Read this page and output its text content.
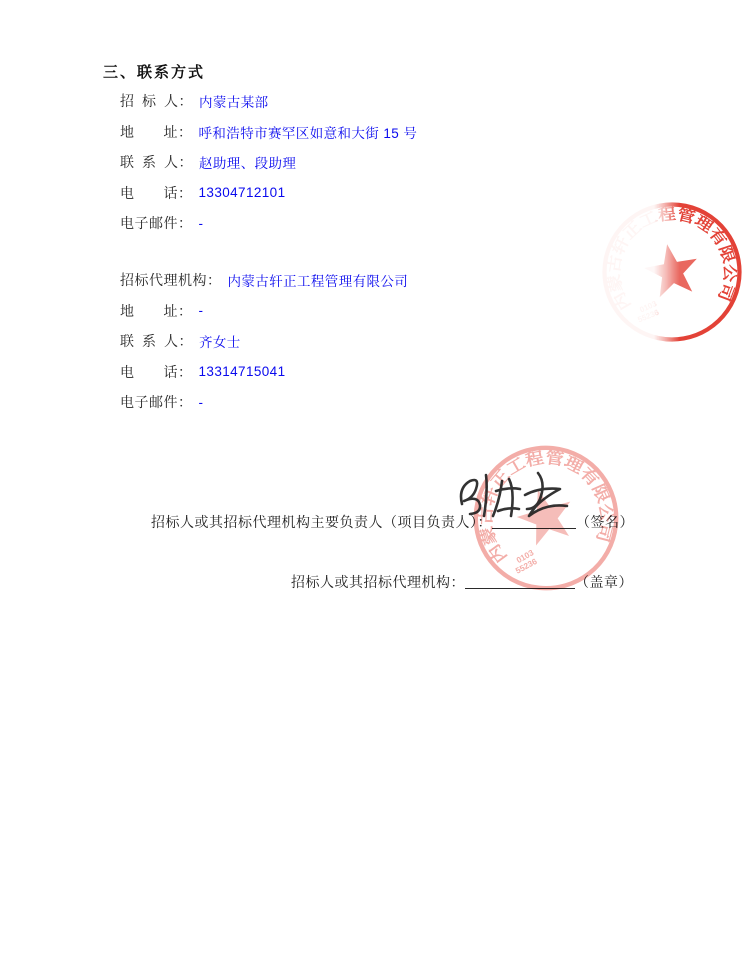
三、联系方式
招 标 人： 内蒙古某部
地  址： 呼和浩特市赛罕区如意和大街 15 号
联 系 人： 赵助理、段助理
电  话： 13304712101
电子邮件： -
招标代理机构： 内蒙古轩正工程管理有限公司
地  址： -
联 系 人： 齐女士
电  话： 13314715041
电子邮件： -

招标人或其招标代理机构主要负责人（项目负责人）：	（签名）

招标人或其招标代理机构：	（盖章）
